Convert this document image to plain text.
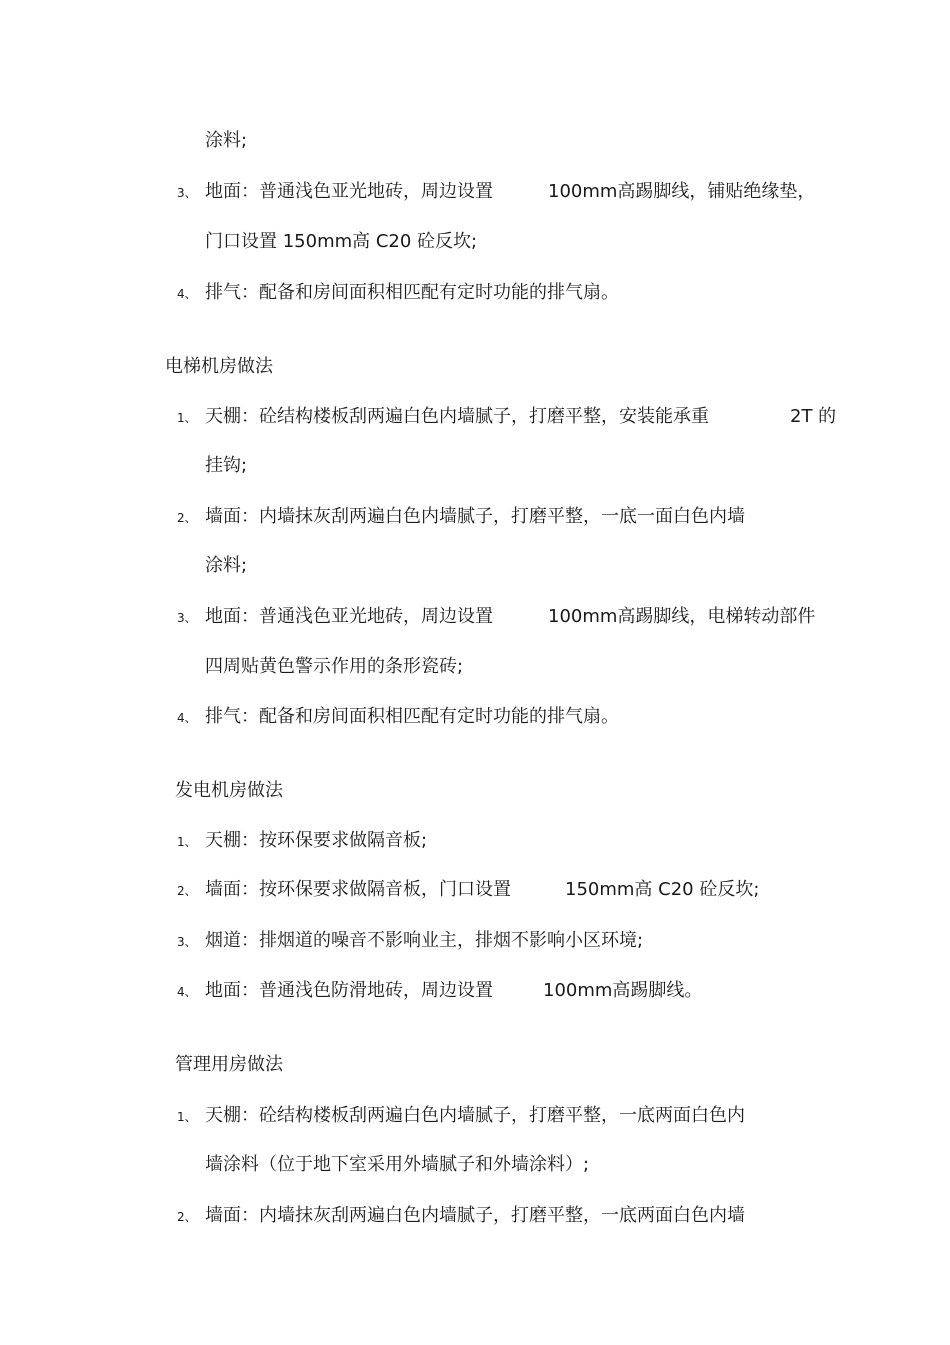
涂料;
3、 地面：普通浅色亚光地砖，周边设置	100mm高踢脚线，铺贴绝缘垫，
门口设置 150mm高 C20 砼反坎;
4、 排气：配备和房间面积相匹配有定时功能的排气扇。
电梯机房做法
1、 天棚：砼结构楼板刮两遍白色内墙腻子，打磨平整，安装能承重	2T 的
挂钩;
2、 墙面：内墙抹灰刮两遍白色内墙腻子，打磨平整，一底一面白色内墙
涂料;
3、 地面：普通浅色亚光地砖，周边设置	100mm高踢脚线，电梯转动部件
四周贴黄色警示作用的条形瓷砖;
4、 排气：配备和房间面积相匹配有定时功能的排气扇。
发电机房做法
1、 天棚：按环保要求做隔音板;
2、 墙面：按环保要求做隔音板，门口设置	150mm高 C20 砼反坎;
3、 烟道：排烟道的噪音不影响业主，排烟不影响小区环境;
4、 地面：普通浅色防滑地砖，周边设置	100mm高踢脚线。
管理用房做法
1、 天棚：砼结构楼板刮两遍白色内墙腻子，打磨平整，一底两面白色内
墙涂料（位于地下室采用外墙腻子和外墙涂料）;
2、 墙面：内墙抹灰刮两遍白色内墙腻子，打磨平整，一底两面白色内墙
